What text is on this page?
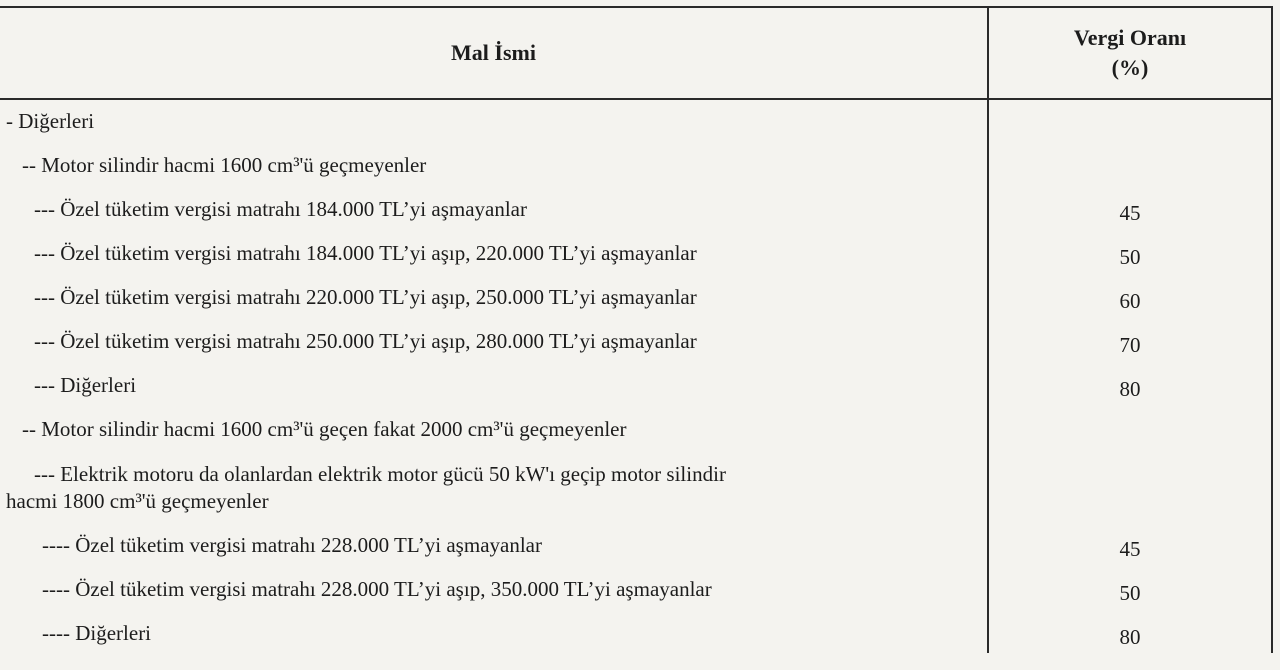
Mal İsmi	Vergi Oranı
(%)

- Diğerleri	

-- Motor silindir hacmi 1600 cm³'ü geçmeyenler	

--- Özel tüketim vergisi matrahı 184.000 TL’yi aşmayanlar	45

--- Özel tüketim vergisi matrahı 184.000 TL’yi aşıp, 220.000 TL’yi aşmayanlar	50

--- Özel tüketim vergisi matrahı 220.000 TL’yi aşıp, 250.000 TL’yi aşmayanlar	60

--- Özel tüketim vergisi matrahı 250.000 TL’yi aşıp, 280.000 TL’yi aşmayanlar	70

--- Diğerleri	80

-- Motor silindir hacmi 1600 cm³'ü geçen fakat 2000 cm³'ü geçmeyenler	

--- Elektrik motoru da olanlardan elektrik motor gücü 50 kW'ı geçip motor silindir
hacmi 1800 cm³'ü geçmeyenler	

---- Özel tüketim vergisi matrahı 228.000 TL’yi aşmayanlar	45

---- Özel tüketim vergisi matrahı 228.000 TL’yi aşıp, 350.000 TL’yi aşmayanlar	50

---- Diğerleri	80
